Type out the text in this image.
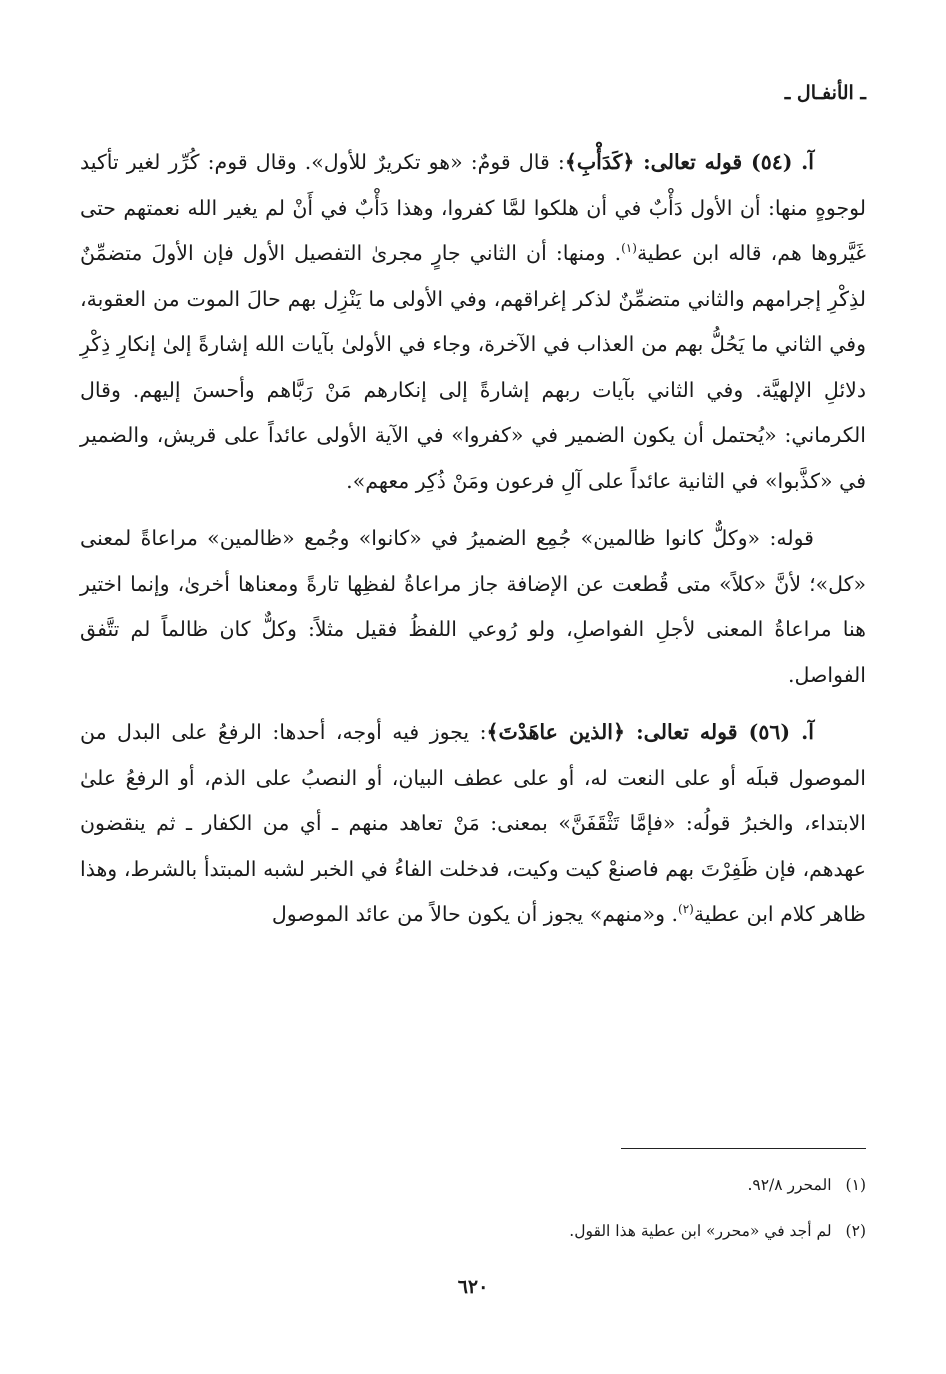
ـ الأنفـال ـ

آ. (٥٤) قوله تعالى: ﴿كَدَأْبِ﴾: قال قومٌ: «هو تكريرٌ للأول». وقال قوم: كُرِّر لغير تأكيد لوجوهٍ منها: أن الأول دَأْبٌ في أن هلكوا لمَّا كفروا، وهذا دَأْبٌ في أَنْ لم يغير الله نعمتهم حتى غَيَّروها هم، قاله ابن عطية$^{(١)}$. ومنها: أن الثاني جارٍ مجرىٰ التفصيل الأول فإن الأولَ متضمِّنٌ لذِكْرِ إجرامهم والثاني متضمِّنٌ لذكر إغراقهم، وفي الأولى ما يَنْزِل بهم حالَ الموت من العقوبة، وفي الثاني ما يَحُلُّ بهم من العذاب في الآخرة، وجاء في الأولىٰ بآيات الله إشارةً إلىٰ إنكارِ ذِكْرِ دلائلِ الإلهيَّة. وفي الثاني بآيات ربهم إشارةً إلى إنكارهم مَنْ رَبَّاهم وأحسنَ إليهم. وقال الكرماني: «يُحتمل أن يكون الضمير في «كفروا» في الآية الأولى عائداً على قريش، والضمير في «كذَّبوا» في الثانية عائداً على آلِ فرعون ومَنْ ذُكِر معهم».

قوله: «وكلٌّ كانوا ظالمين» جُمِع الضميرُ في «كانوا» وجُمع «ظالمين» مراعاةً لمعنى «كل»؛ لأنَّ «كلاً» متى قُطعت عن الإضافة جاز مراعاةُ لفظِها تارةً ومعناها أخرىٰ، وإنما اختير هنا مراعاةُ المعنى لأجلِ الفواصلِ، ولو رُوعي اللفظُ فقيل مثلاً: وكلٌّ كان ظالماً لم تتَّفق الفواصل.

آ. (٥٦) قوله تعالى: ﴿الذين عاهَدْتَ﴾: يجوز فيه أوجه، أحدها: الرفعُ على البدل من الموصول قبلَه أو على النعت له، أو على عطف البيان، أو النصبُ على الذم، أو الرفعُ علىٰ الابتداء، والخبرُ قولُه: «فإمَّا تَثْقَفَنَّ» بمعنى: مَنْ تعاهد منهم ـ أي من الكفار ـ ثم ينقضون عهدهم، فإن ظَفِرْتَ بهم فاصنعْ كيت وكيت، فدخلت الفاءُ في الخبر لشبه المبتدأ بالشرط، وهذا ظاهر كلام ابن عطية$^{(٢)}$. و«منهم» يجوز أن يكون حالاً من عائد الموصول

(١)
المحرر ٩٢/٨.
(٢)
لم أجد في «محرر» ابن عطية هذا القول.
٦٢٠
